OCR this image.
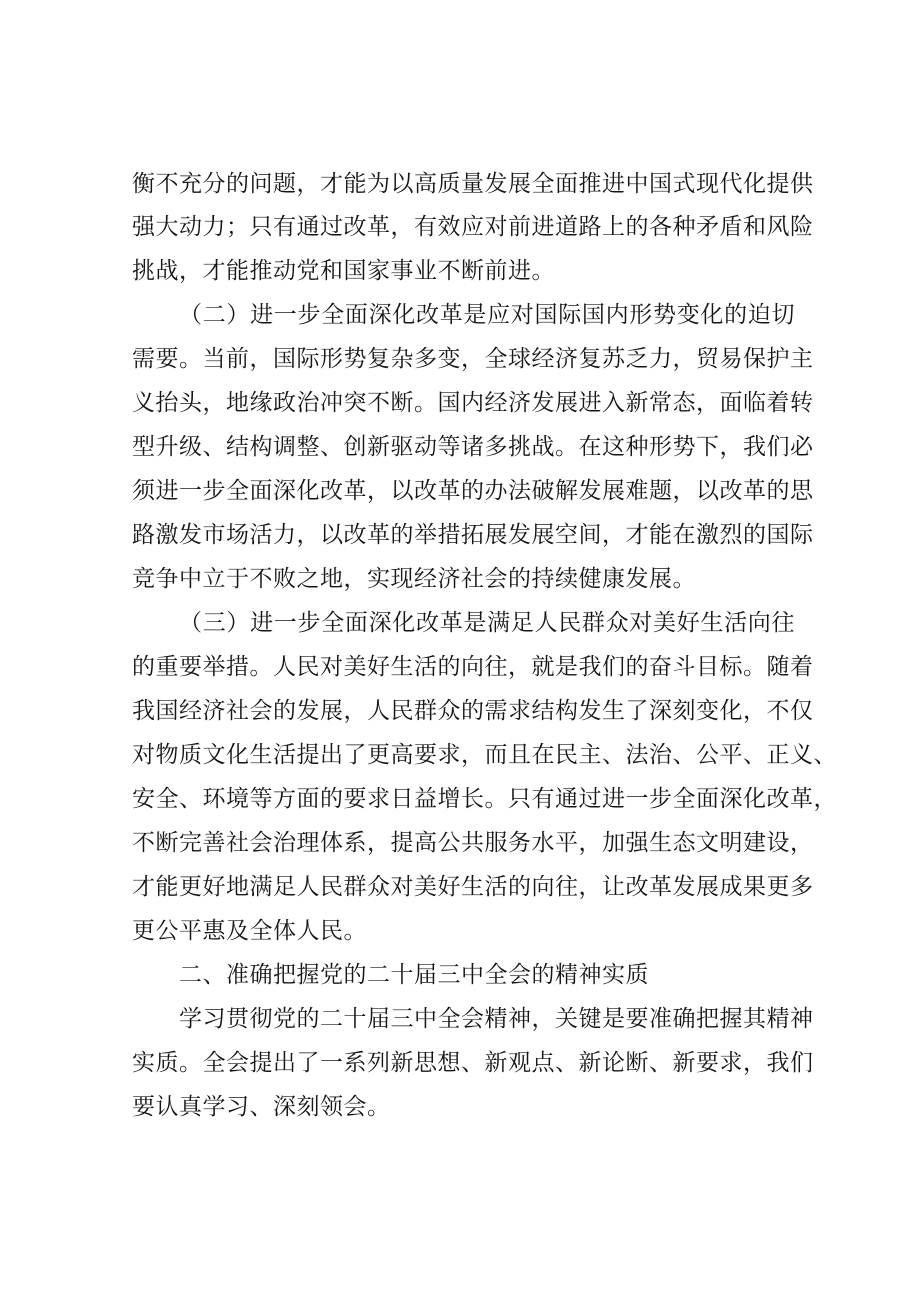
衡不充分的问题，才能为以高质量发展全面推进中国式现代化提供
强大动力；只有通过改革，有效应对前进道路上的各种矛盾和风险
挑战，才能推动党和国家事业不断前进。
（二）进一步全面深化改革是应对国际国内形势变化的迫切
需要。当前，国际形势复杂多变，全球经济复苏乏力，贸易保护主
义抬头，地缘政治冲突不断。国内经济发展进入新常态，面临着转
型升级、结构调整、创新驱动等诸多挑战。在这种形势下，我们必
须进一步全面深化改革，以改革的办法破解发展难题，以改革的思
路激发市场活力，以改革的举措拓展发展空间，才能在激烈的国际
竞争中立于不败之地，实现经济社会的持续健康发展。
（三）进一步全面深化改革是满足人民群众对美好生活向往
的重要举措。人民对美好生活的向往，就是我们的奋斗目标。随着
我国经济社会的发展，人民群众的需求结构发生了深刻变化，不仅
对物质文化生活提出了更高要求，而且在民主、法治、公平、正义、
安全、环境等方面的要求日益增长。只有通过进一步全面深化改革，
不断完善社会治理体系，提高公共服务水平，加强生态文明建设，
才能更好地满足人民群众对美好生活的向往，让改革发展成果更多
更公平惠及全体人民。
二、准确把握党的二十届三中全会的精神实质
学习贯彻党的二十届三中全会精神，关键是要准确把握其精神
实质。全会提出了一系列新思想、新观点、新论断、新要求，我们
要认真学习、深刻领会。
